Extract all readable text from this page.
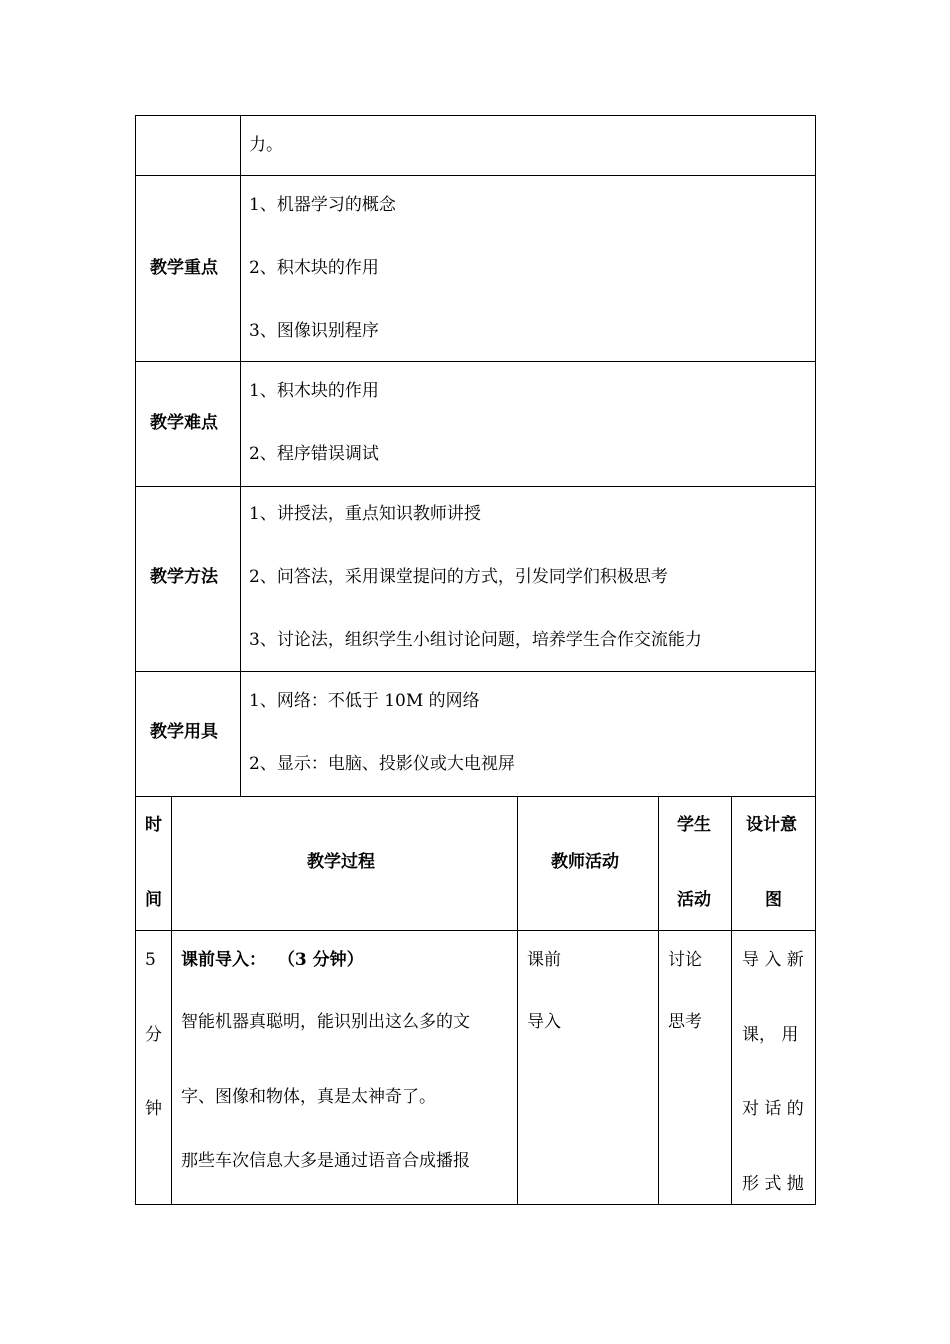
力。
教学重点
1、机器学习的概念
2、积木块的作用
3、图像识别程序
教学难点
1、积木块的作用
2、程序错误调试
教学方法
1、讲授法，重点知识教师讲授
2、问答法，采用课堂提问的方式，引发同学们积极思考
3、讨论法，组织学生小组讨论问题，培养学生合作交流能力
教学用具
1、网络：不低于 10M 的网络
2、显示：电脑、投影仪或大电视屏
时
间
教学过程	教师活动
学生
活动
设计意
图
5
分
钟
课前导入：  （3 分钟）
智能机器真聪明，能识别出这么多的文
字、图像和物体，真是太神奇了。
那些车次信息大多是通过语音合成播报
课前
导入
讨论
思考
导 入 新
课， 用
对 话 的
形 式 抛
